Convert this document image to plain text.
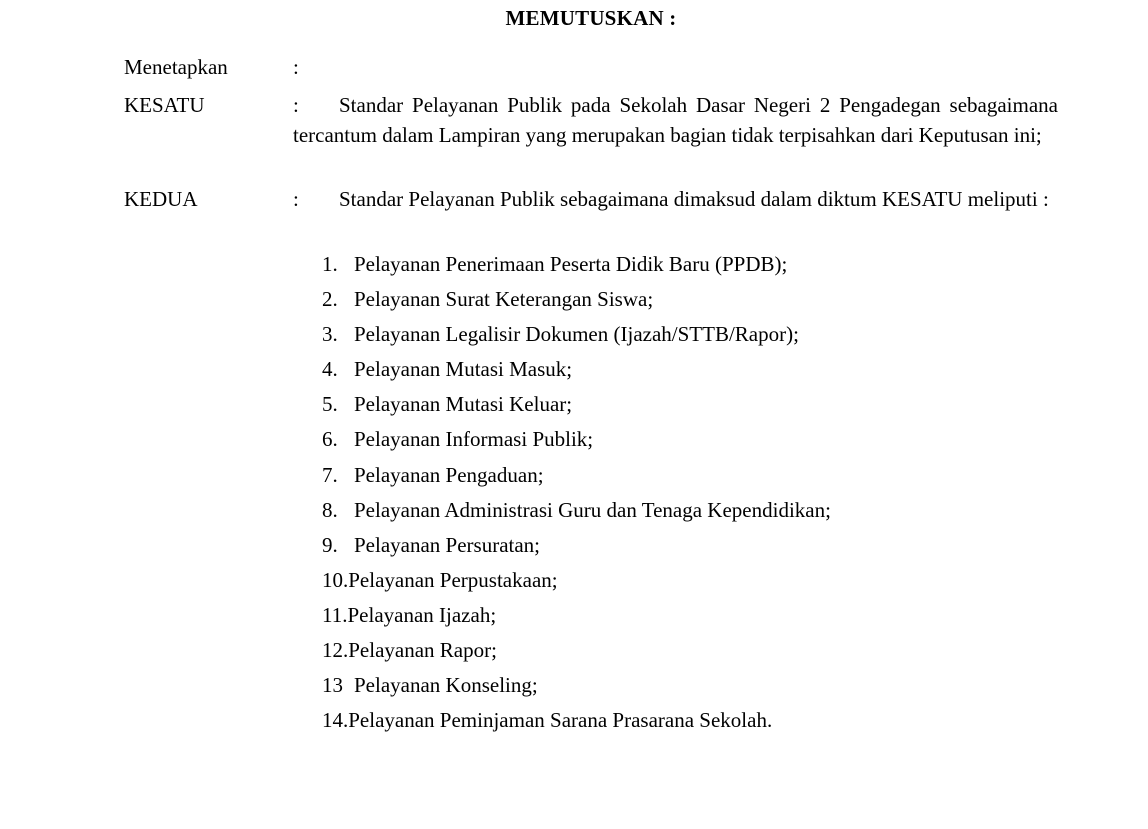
MEMUTUSKAN :
Menetapkan	:
KESATU	:	Standar Pelayanan Publik pada Sekolah Dasar Negeri 2 Pengadegan sebagaimana tercantum dalam Lampiran yang merupakan bagian tidak terpisahkan dari Keputusan ini;
KEDUA	:	Standar Pelayanan Publik sebagaimana dimaksud dalam diktum KESATU meliputi :
1. Pelayanan Penerimaan Peserta Didik Baru (PPDB);
2. Pelayanan Surat Keterangan Siswa;
3. Pelayanan Legalisir Dokumen (Ijazah/STTB/Rapor);
4. Pelayanan Mutasi Masuk;
5. Pelayanan Mutasi Keluar;
6. Pelayanan Informasi Publik;
7. Pelayanan Pengaduan;
8. Pelayanan Administrasi Guru dan Tenaga Kependidikan;
9. Pelayanan Persuratan;
10.Pelayanan Perpustakaan;
11.Pelayanan Ijazah;
12.Pelayanan Rapor;
13 Pelayanan Konseling;
14.Pelayanan Peminjaman Sarana Prasarana Sekolah.
